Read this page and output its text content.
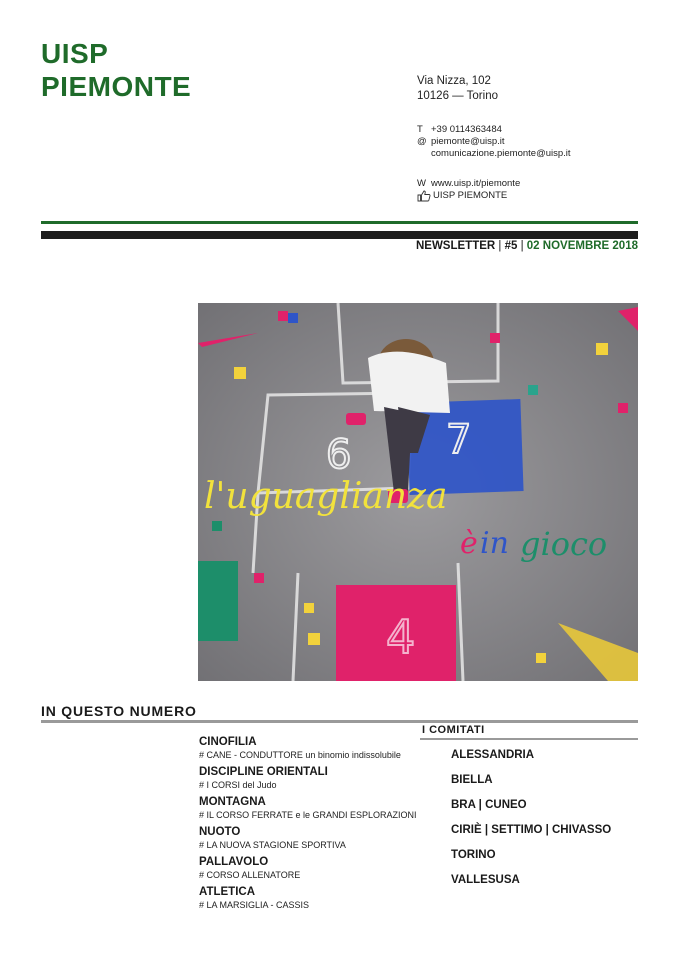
UISP
PIEMONTE	Via Nizza, 102
10126 — Torino
T +39 0114363484
@ piemonte@uisp.it
comunicazione.piemonte@uisp.it
W www.uisp.it/piemonte
UISP PIEMONTE
NEWSLETTER | #5 | 02 NOVEMBRE 2018
6 7
4
l'uguaglianza
è in gioco
IN QUESTO NUMERO
CINOFILIA
# CANE - CONDUTTORE un binomio indissolubile
DISCIPLINE ORIENTALI
# I CORSI del Judo
MONTAGNA
# IL CORSO FERRATE e le GRANDI ESPLORAZIONI
NUOTO
# LA NUOVA STAGIONE SPORTIVA
PALLAVOLO
# CORSO ALLENATORE
ATLETICA
# LA MARSIGLIA - CASSIS
I COMITATI
ALESSANDRIA
BIELLA
BRA | CUNEO
CIRIÈ | SETTIMO | CHIVASSO
TORINO
VALLESUSA
